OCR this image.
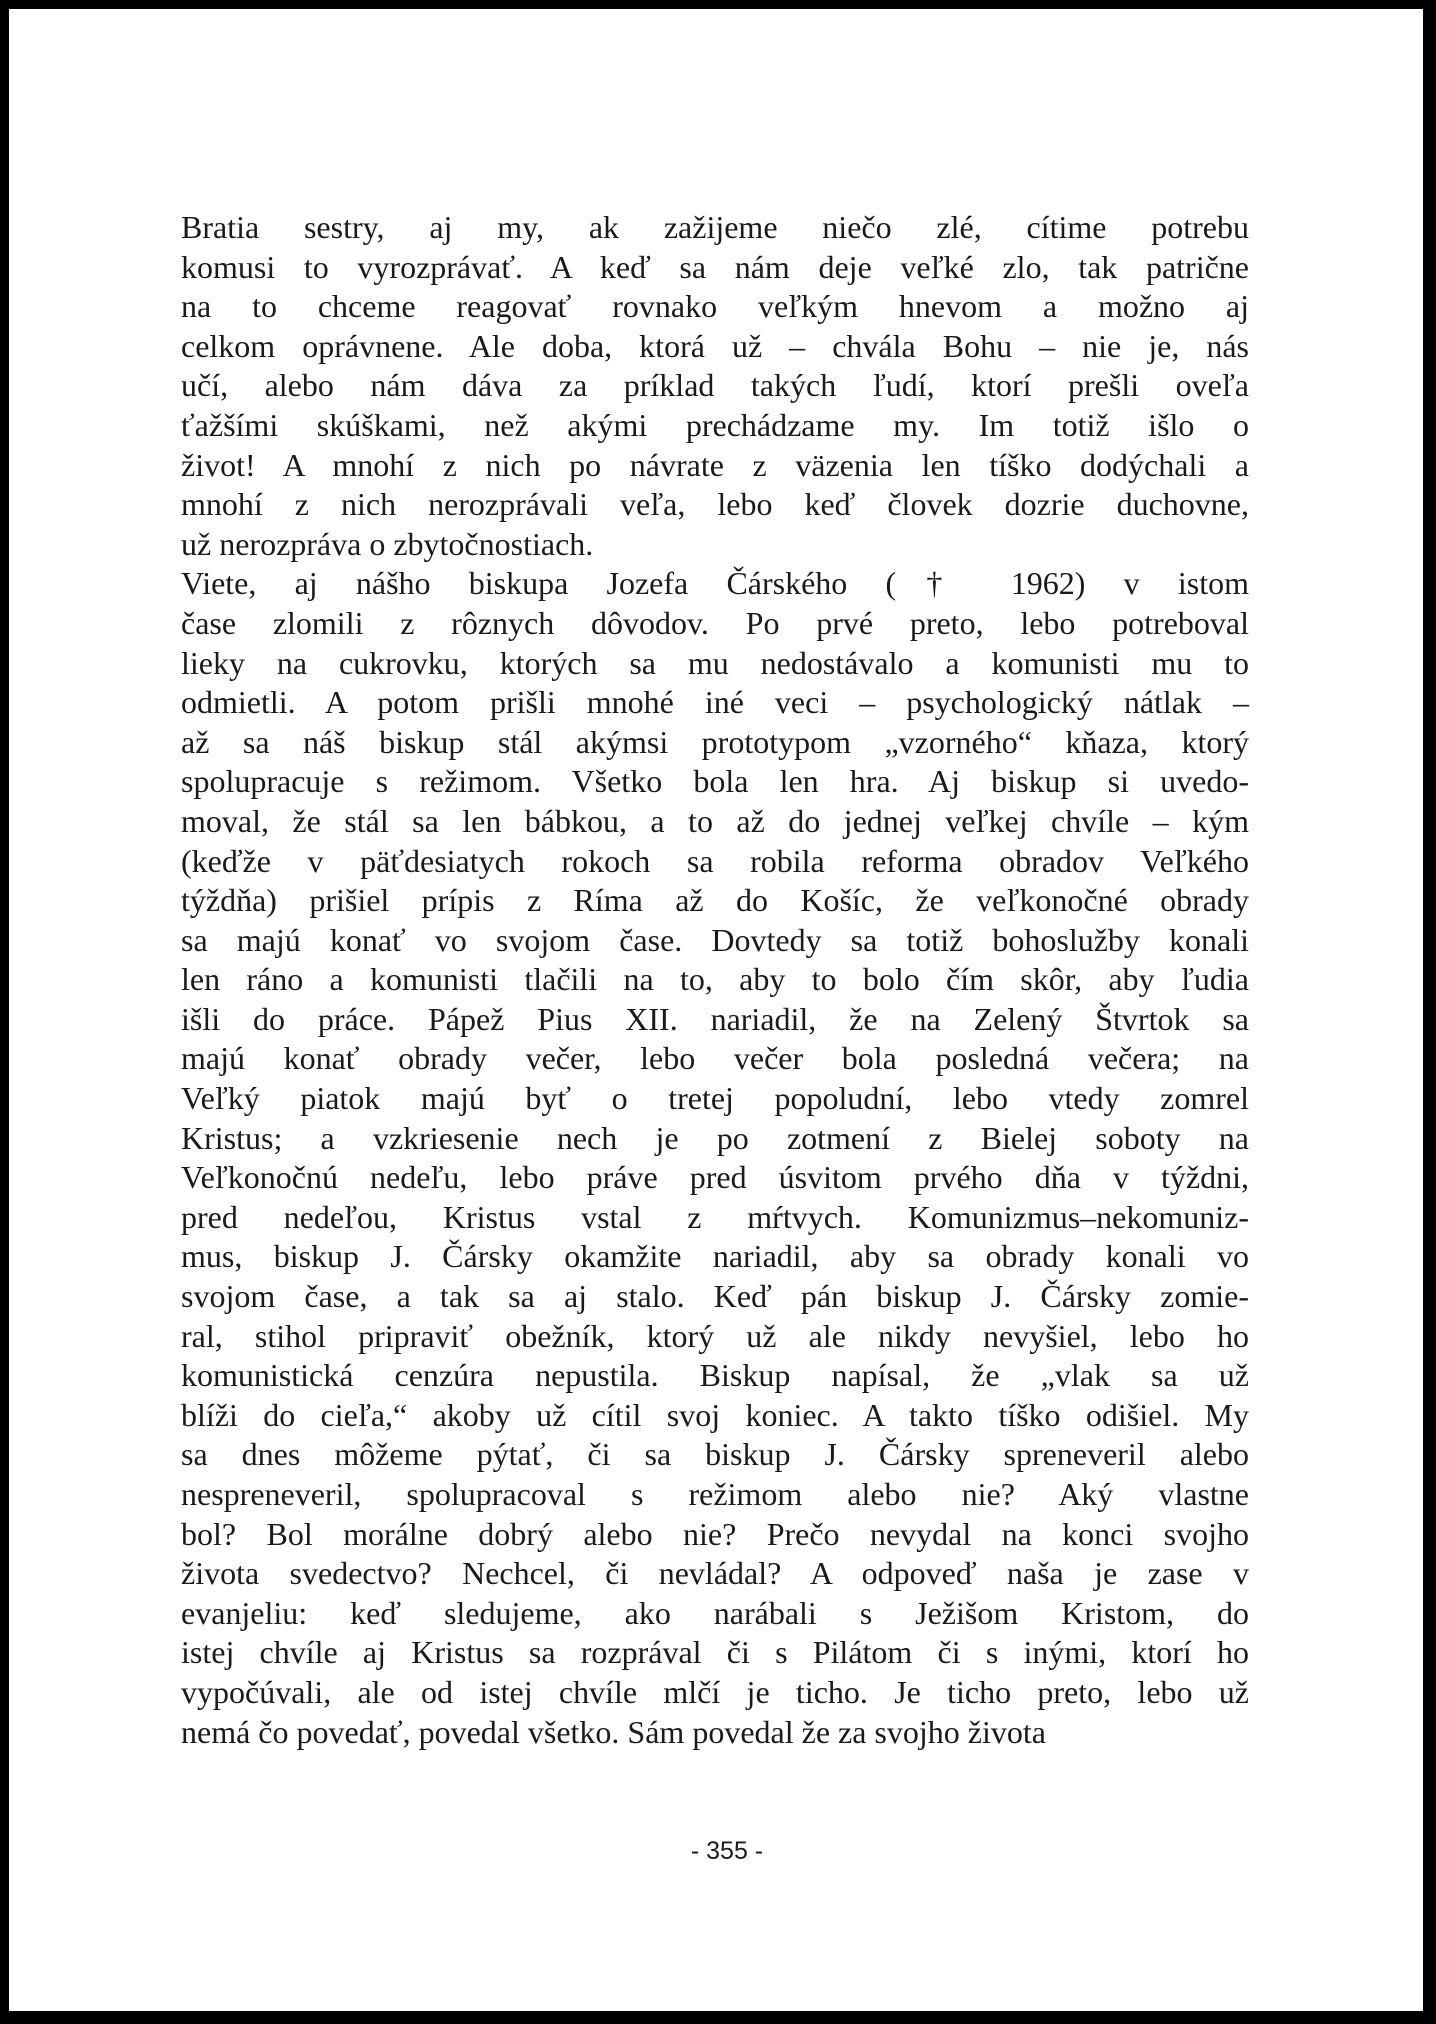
Bratia sestry, aj my, ak zažijeme niečo zlé, cítime potrebu
komusi to vyrozprávať. A keď sa nám deje veľké zlo, tak patrične
na to chceme reagovať rovnako veľkým hnevom a možno aj
celkom oprávnene. Ale doba, ktorá už – chvála Bohu – nie je, nás
učí, alebo nám dáva za príklad takých ľudí, ktorí prešli oveľa
ťažšími skúškami, než akými prechádzame my. Im totiž išlo o
život! A mnohí z nich po návrate z väzenia len tíško dodýchali a
mnohí z nich nerozprávali veľa, lebo keď človek dozrie duchovne,
už nerozpráva o zbytočnostiach.
Viete, aj nášho biskupa Jozefa Čárského († 1962) v istom
čase zlomili z rôznych dôvodov. Po prvé preto, lebo potreboval
lieky na cukrovku, ktorých sa mu nedostávalo a komunisti mu to
odmietli. A potom prišli mnohé iné veci – psychologický nátlak –
až sa náš biskup stál akýmsi prototypom „vzorného“ kňaza, ktorý
spolupracuje s režimom. Všetko bola len hra. Aj biskup si uvedo-
moval, že stál sa len bábkou, a to až do jednej veľkej chvíle – kým
(keďže v päťdesiatych rokoch sa robila reforma obradov Veľkého
týždňa) prišiel prípis z Ríma až do Košíc, že veľkonočné obrady
sa majú konať vo svojom čase. Dovtedy sa totiž bohoslužby konali
len ráno a komunisti tlačili na to, aby to bolo čím skôr, aby ľudia
išli do práce. Pápež Pius XII. nariadil, že na Zelený Štvrtok sa
majú konať obrady večer, lebo večer bola posledná večera; na
Veľký piatok majú byť o tretej popoludní, lebo vtedy zomrel
Kristus; a vzkriesenie nech je po zotmení z Bielej soboty na
Veľkonočnú nedeľu, lebo práve pred úsvitom prvého dňa v týždni,
pred nedeľou, Kristus vstal z mŕtvych. Komunizmus–nekomuniz-
mus, biskup J. Čársky okamžite nariadil, aby sa obrady konali vo
svojom čase, a tak sa aj stalo. Keď pán biskup J. Čársky zomie-
ral, stihol pripraviť obežník, ktorý už ale nikdy nevyšiel, lebo ho
komunistická cenzúra nepustila. Biskup napísal, že „vlak sa už
blíži do cieľa,“ akoby už cítil svoj koniec. A takto tíško odišiel. My
sa dnes môžeme pýtať, či sa biskup J. Čársky spreneveril alebo
nespreneveril, spolupracoval s režimom alebo nie? Aký vlastne
bol? Bol morálne dobrý alebo nie? Prečo nevydal na konci svojho
života svedectvo? Nechcel, či nevládal? A odpoveď naša je zase v
evanjeliu: keď sledujeme, ako narábali s Ježišom Kristom, do
istej chvíle aj Kristus sa rozprával či s Pilátom či s inými, ktorí ho
vypočúvali, ale od istej chvíle mlčí je ticho. Je ticho preto, lebo už
nemá čo povedať, povedal všetko. Sám povedal že za svojho života
- 355 -
